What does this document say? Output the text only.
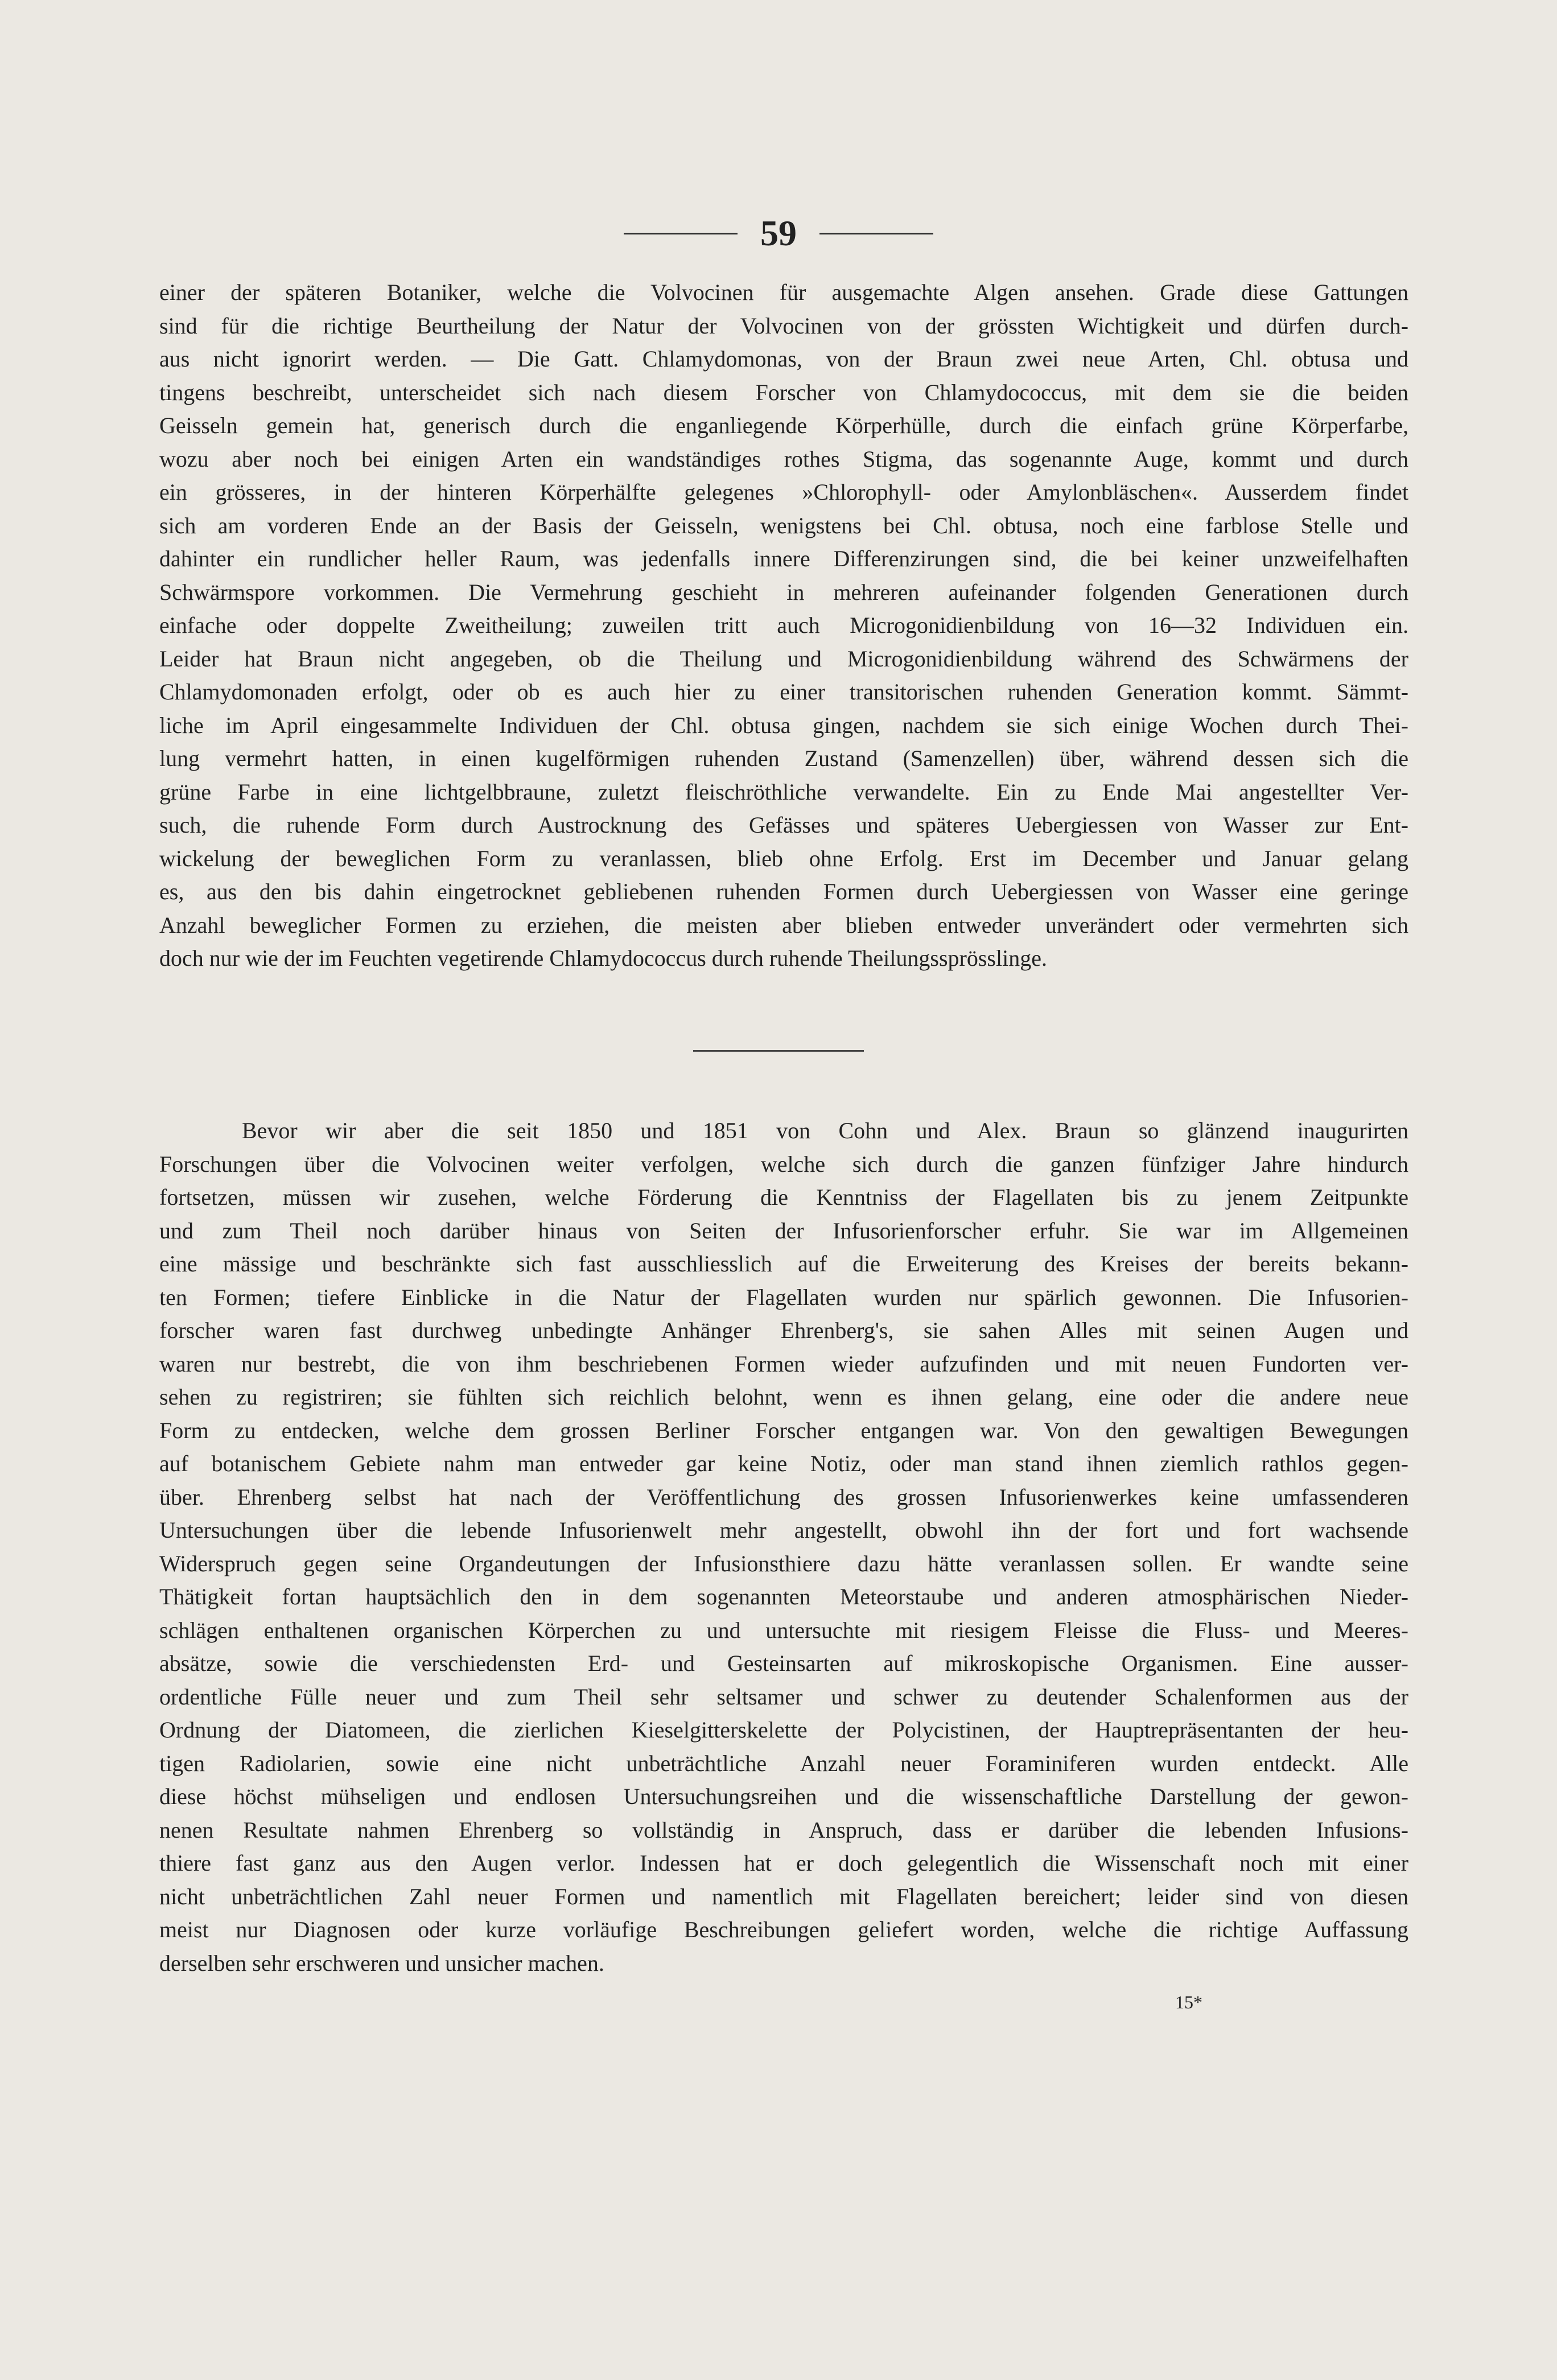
59
einer der späteren Botaniker, welche die Volvocinen für ausgemachte Algen ansehen. Grade diese Gattungen
sind für die richtige Beurtheilung der Natur der Volvocinen von der grössten Wichtigkeit und dürfen durch-
aus nicht ignorirt werden. — Die Gatt. Chlamydomonas, von der Braun zwei neue Arten, Chl. obtusa und
tingens beschreibt, unterscheidet sich nach diesem Forscher von Chlamydococcus, mit dem sie die beiden
Geisseln gemein hat, generisch durch die enganliegende Körperhülle, durch die einfach grüne Körperfarbe,
wozu aber noch bei einigen Arten ein wandständiges rothes Stigma, das sogenannte Auge, kommt und durch
ein grösseres, in der hinteren Körperhälfte gelegenes »Chlorophyll- oder Amylonbläschen«. Ausserdem findet
sich am vorderen Ende an der Basis der Geisseln, wenigstens bei Chl. obtusa, noch eine farblose Stelle und
dahinter ein rundlicher heller Raum, was jedenfalls innere Differenzirungen sind, die bei keiner unzweifelhaften
Schwärmspore vorkommen. Die Vermehrung geschieht in mehreren aufeinander folgenden Generationen durch
einfache oder doppelte Zweitheilung; zuweilen tritt auch Microgonidienbildung von 16—32 Individuen ein.
Leider hat Braun nicht angegeben, ob die Theilung und Microgonidienbildung während des Schwärmens der
Chlamydomonaden erfolgt, oder ob es auch hier zu einer transitorischen ruhenden Generation kommt. Sämmt-
liche im April eingesammelte Individuen der Chl. obtusa gingen, nachdem sie sich einige Wochen durch Thei-
lung vermehrt hatten, in einen kugelförmigen ruhenden Zustand (Samenzellen) über, während dessen sich die
grüne Farbe in eine lichtgelbbraune, zuletzt fleischröthliche verwandelte. Ein zu Ende Mai angestellter Ver-
such, die ruhende Form durch Austrocknung des Gefässes und späteres Uebergiessen von Wasser zur Ent-
wickelung der beweglichen Form zu veranlassen, blieb ohne Erfolg. Erst im December und Januar gelang
es, aus den bis dahin eingetrocknet gebliebenen ruhenden Formen durch Uebergiessen von Wasser eine geringe
Anzahl beweglicher Formen zu erziehen, die meisten aber blieben entweder unverändert oder vermehrten sich
doch nur wie der im Feuchten vegetirende Chlamydococcus durch ruhende Theilungssprösslinge.
Bevor wir aber die seit 1850 und 1851 von Cohn und Alex. Braun so glänzend inaugurirten
Forschungen über die Volvocinen weiter verfolgen, welche sich durch die ganzen fünfziger Jahre hindurch
fortsetzen, müssen wir zusehen, welche Förderung die Kenntniss der Flagellaten bis zu jenem Zeitpunkte
und zum Theil noch darüber hinaus von Seiten der Infusorienforscher erfuhr. Sie war im Allgemeinen
eine mässige und beschränkte sich fast ausschliesslich auf die Erweiterung des Kreises der bereits bekann-
ten Formen; tiefere Einblicke in die Natur der Flagellaten wurden nur spärlich gewonnen. Die Infusorien-
forscher waren fast durchweg unbedingte Anhänger Ehrenberg's, sie sahen Alles mit seinen Augen und
waren nur bestrebt, die von ihm beschriebenen Formen wieder aufzufinden und mit neuen Fundorten ver-
sehen zu registriren; sie fühlten sich reichlich belohnt, wenn es ihnen gelang, eine oder die andere neue
Form zu entdecken, welche dem grossen Berliner Forscher entgangen war. Von den gewaltigen Bewegungen
auf botanischem Gebiete nahm man entweder gar keine Notiz, oder man stand ihnen ziemlich rathlos gegen-
über. Ehrenberg selbst hat nach der Veröffentlichung des grossen Infusorienwerkes keine umfassenderen
Untersuchungen über die lebende Infusorienwelt mehr angestellt, obwohl ihn der fort und fort wachsende
Widerspruch gegen seine Organdeutungen der Infusionsthiere dazu hätte veranlassen sollen. Er wandte seine
Thätigkeit fortan hauptsächlich den in dem sogenannten Meteorstaube und anderen atmosphärischen Nieder-
schlägen enthaltenen organischen Körperchen zu und untersuchte mit riesigem Fleisse die Fluss- und Meeres-
absätze, sowie die verschiedensten Erd- und Gesteinsarten auf mikroskopische Organismen. Eine ausser-
ordentliche Fülle neuer und zum Theil sehr seltsamer und schwer zu deutender Schalenformen aus der
Ordnung der Diatomeen, die zierlichen Kieselgitterskelette der Polycistinen, der Hauptrepräsentanten der heu-
tigen Radiolarien, sowie eine nicht unbeträchtliche Anzahl neuer Foraminiferen wurden entdeckt. Alle
diese höchst mühseligen und endlosen Untersuchungsreihen und die wissenschaftliche Darstellung der gewon-
nenen Resultate nahmen Ehrenberg so vollständig in Anspruch, dass er darüber die lebenden Infusions-
thiere fast ganz aus den Augen verlor. Indessen hat er doch gelegentlich die Wissenschaft noch mit einer
nicht unbeträchtlichen Zahl neuer Formen und namentlich mit Flagellaten bereichert; leider sind von diesen
meist nur Diagnosen oder kurze vorläufige Beschreibungen geliefert worden, welche die richtige Auffassung
derselben sehr erschweren und unsicher machen.
15*
